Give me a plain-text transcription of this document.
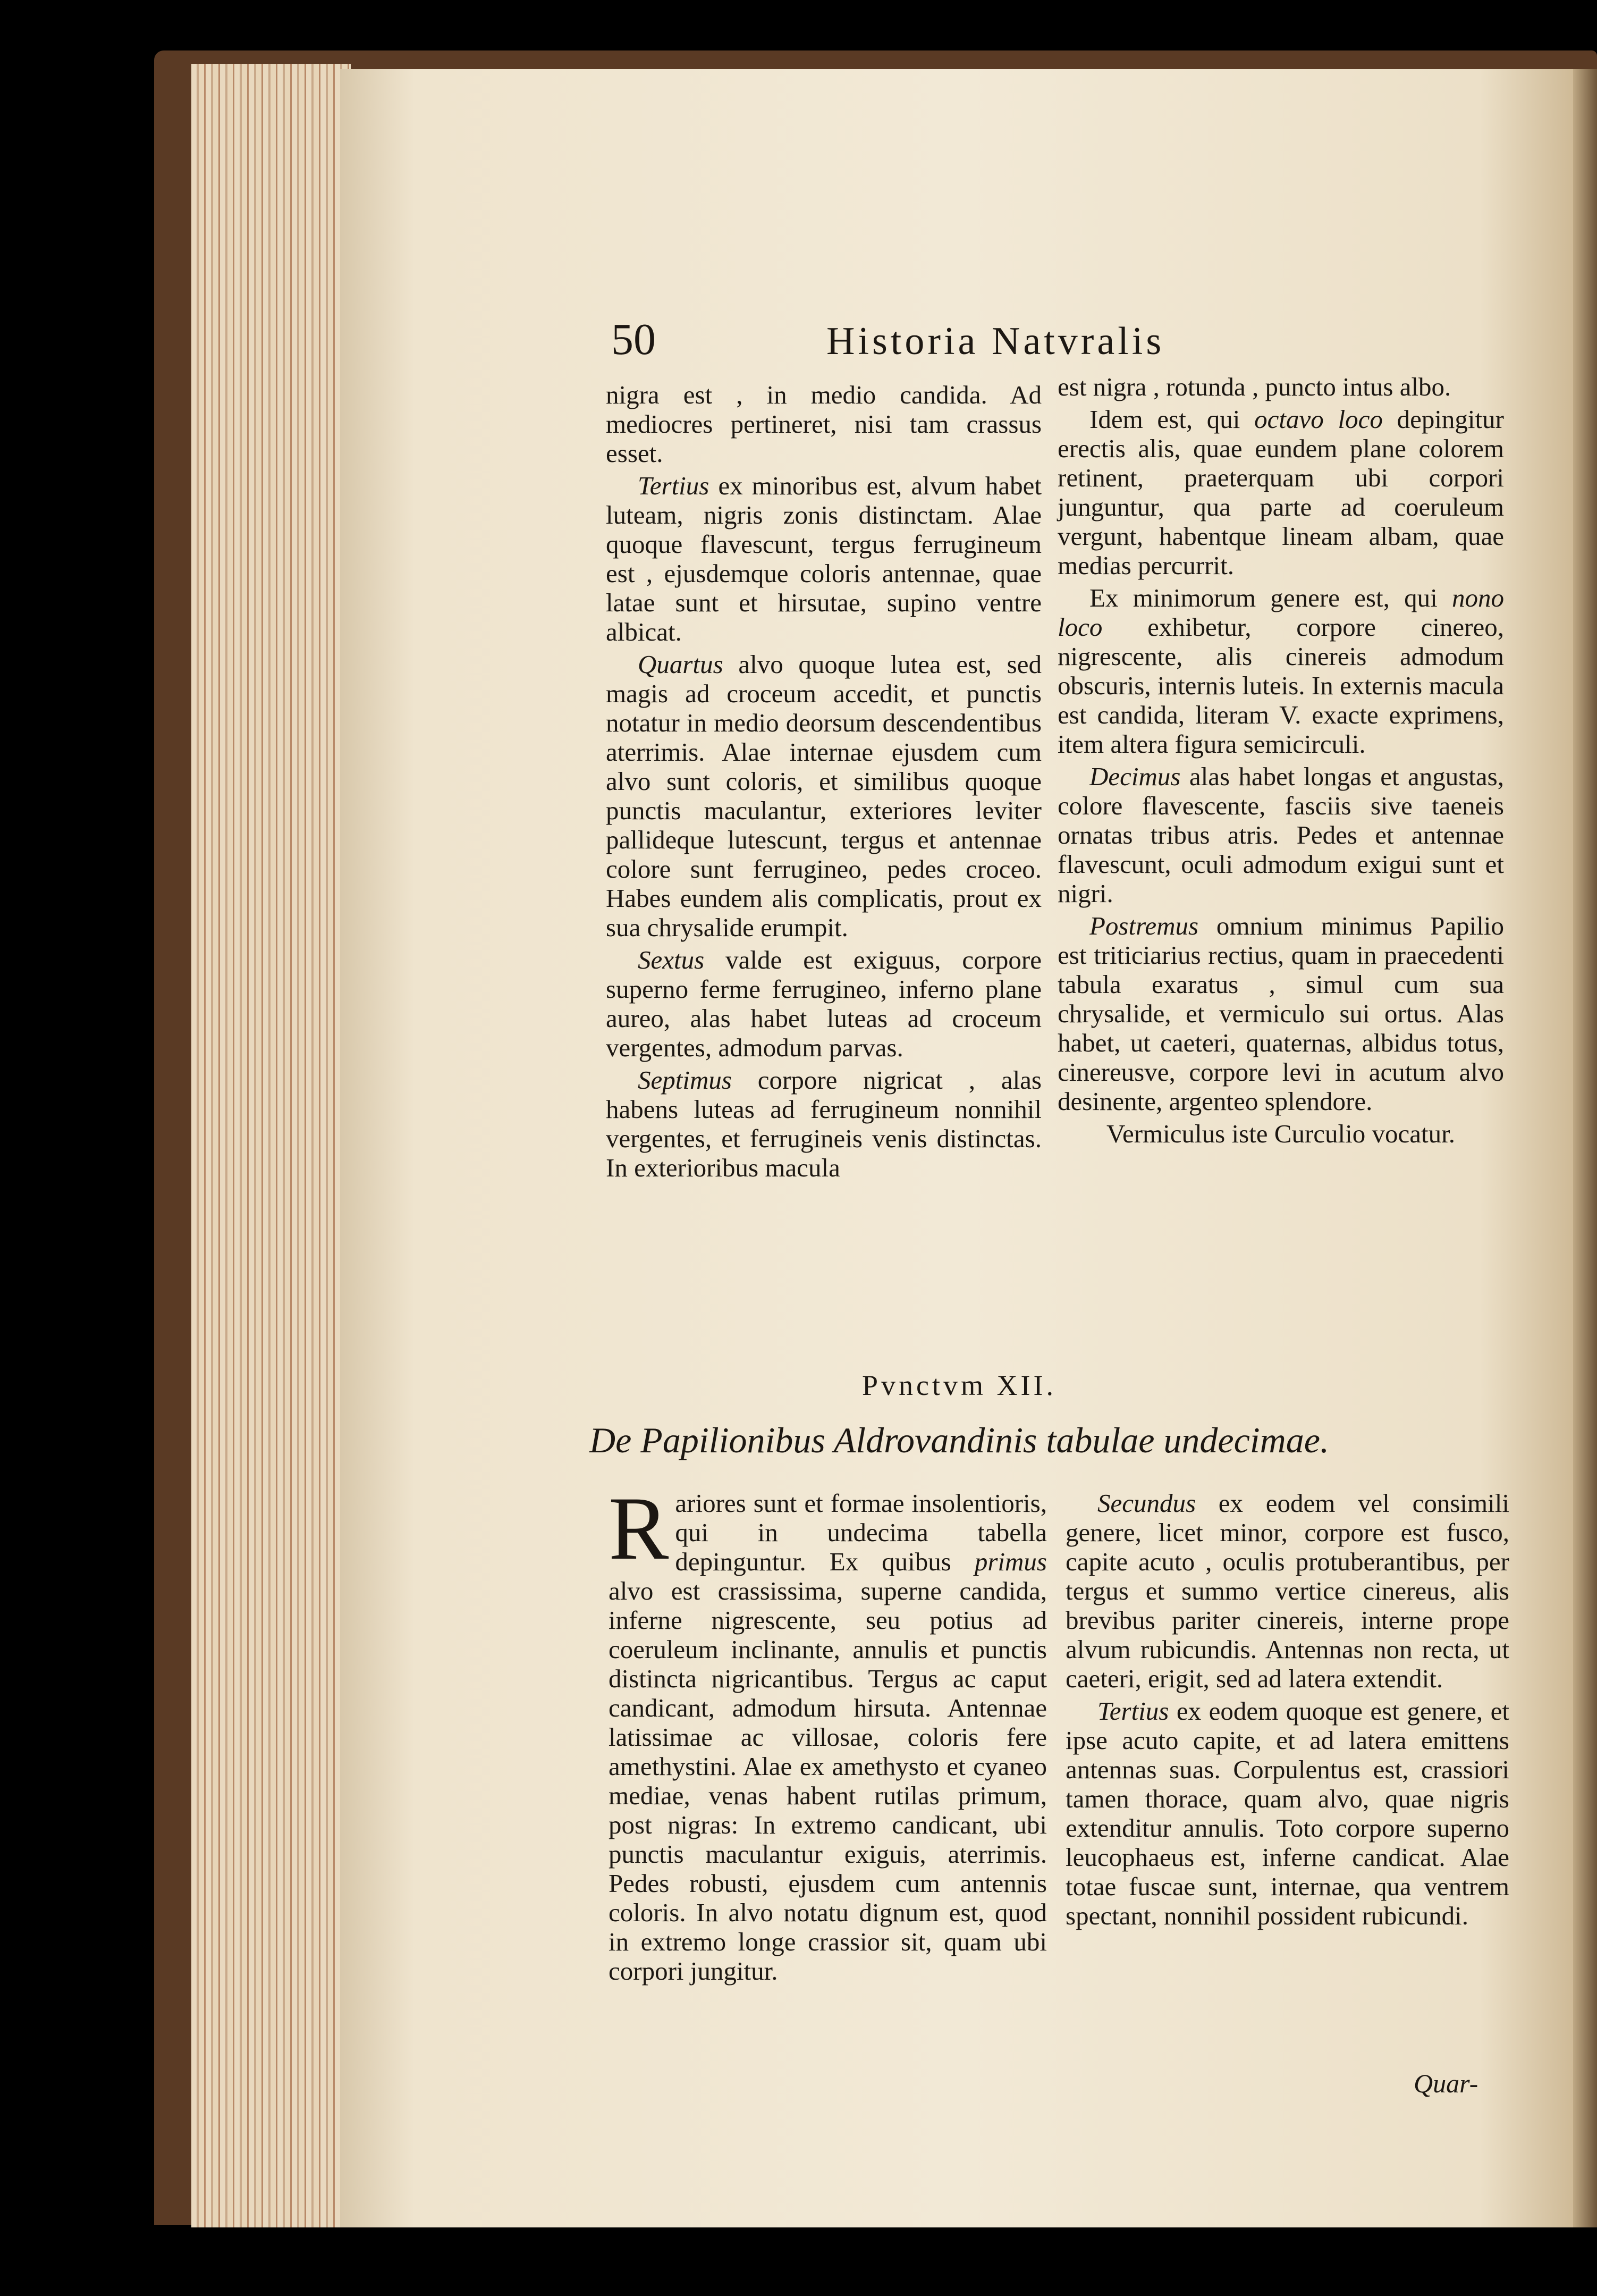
50	Historia Natvralis

nigra est , in medio candida. Ad mediocres pertineret, nisi tam crassus esset.

Tertius ex minoribus est, alvum habet luteam, nigris zonis distinctam. Alae quoque flavescunt, tergus ferrugineum est , ejusdemque coloris antennae, quae latae sunt et hirsutae, supino ventre albicat.

Quartus alvo quoque lutea est, sed magis ad croceum accedit, et punctis notatur in medio deorsum descendentibus aterrimis. Alae internae ejusdem cum alvo sunt coloris, et similibus quoque punctis maculantur, exteriores leviter pallideque lutescunt, tergus et antennae colore sunt ferrugineo, pedes croceo. Habes eundem alis complicatis, prout ex sua chrysalide erumpit.

Sextus valde est exiguus, corpore superno ferme ferrugineo, inferno plane aureo, alas habet luteas ad croceum vergentes, admodum parvas.

Septimus corpore nigricat , alas habens luteas ad ferrugineum nonnihil vergentes, et ferrugineis venis distinctas. In exterioribus macula

est nigra , rotunda , puncto intus albo.

Idem est, qui octavo loco depingitur erectis alis, quae eundem plane colorem retinent, praeterquam ubi corpori junguntur, qua parte ad coeruleum vergunt, habentque lineam albam, quae medias percurrit.

Ex minimorum genere est, qui nono loco exhibetur, corpore cinereo, nigrescente, alis cinereis admodum obscuris, internis luteis. In externis macula est candida, literam V. exacte exprimens, item altera figura semicirculi.

Decimus alas habet longas et angustas, colore flavescente, fasciis sive taeneis ornatas tribus atris. Pedes et antennae flavescunt, oculi admodum exigui sunt et nigri.

Postremus omnium minimus Papilio est triticiarius rectius, quam in praecedenti tabula exaratus , simul cum sua chrysalide, et vermiculo sui ortus. Alas habet, ut caeteri, quaternas, albidus totus, cinereusve, corpore levi in acutum alvo desinente, argenteo splendore.

Vermiculus iste Curculio vocatur.

Pvnctvm XII.
De Papilionibus Aldrovandinis tabulae undecimae.

Rariores sunt et formae insolentioris, qui in undecima tabella depinguntur. Ex quibus primus alvo est crassissima, superne candida, inferne nigrescente, seu potius ad coeruleum inclinante, annulis et punctis distincta nigricantibus. Tergus ac caput candicant, admodum hirsuta. Antennae latissimae ac villosae, coloris fere amethystini. Alae ex amethysto et cyaneo mediae, venas habent rutilas primum, post nigras: In extremo candicant, ubi punctis maculantur exiguis, aterrimis. Pedes robusti, ejusdem cum antennis coloris. In alvo notatu dignum est, quod in extremo longe crassior sit, quam ubi corpori jungitur.

Secundus ex eodem vel consimili genere, licet minor, corpore est fusco, capite acuto , oculis protuberantibus, per tergus et summo vertice cinereus, alis brevibus pariter cinereis, interne prope alvum rubicundis. Antennas non recta, ut caeteri, erigit, sed ad latera extendit.

Tertius ex eodem quoque est genere, et ipse acuto capite, et ad latera emittens antennas suas. Corpulentus est, crassiori tamen thorace, quam alvo, quae nigris extenditur annulis. Toto corpore superno leucophaeus est, inferne candicat. Alae totae fuscae sunt, internae, qua ventrem spectant, nonnihil possident rubicundi.

Quar-
